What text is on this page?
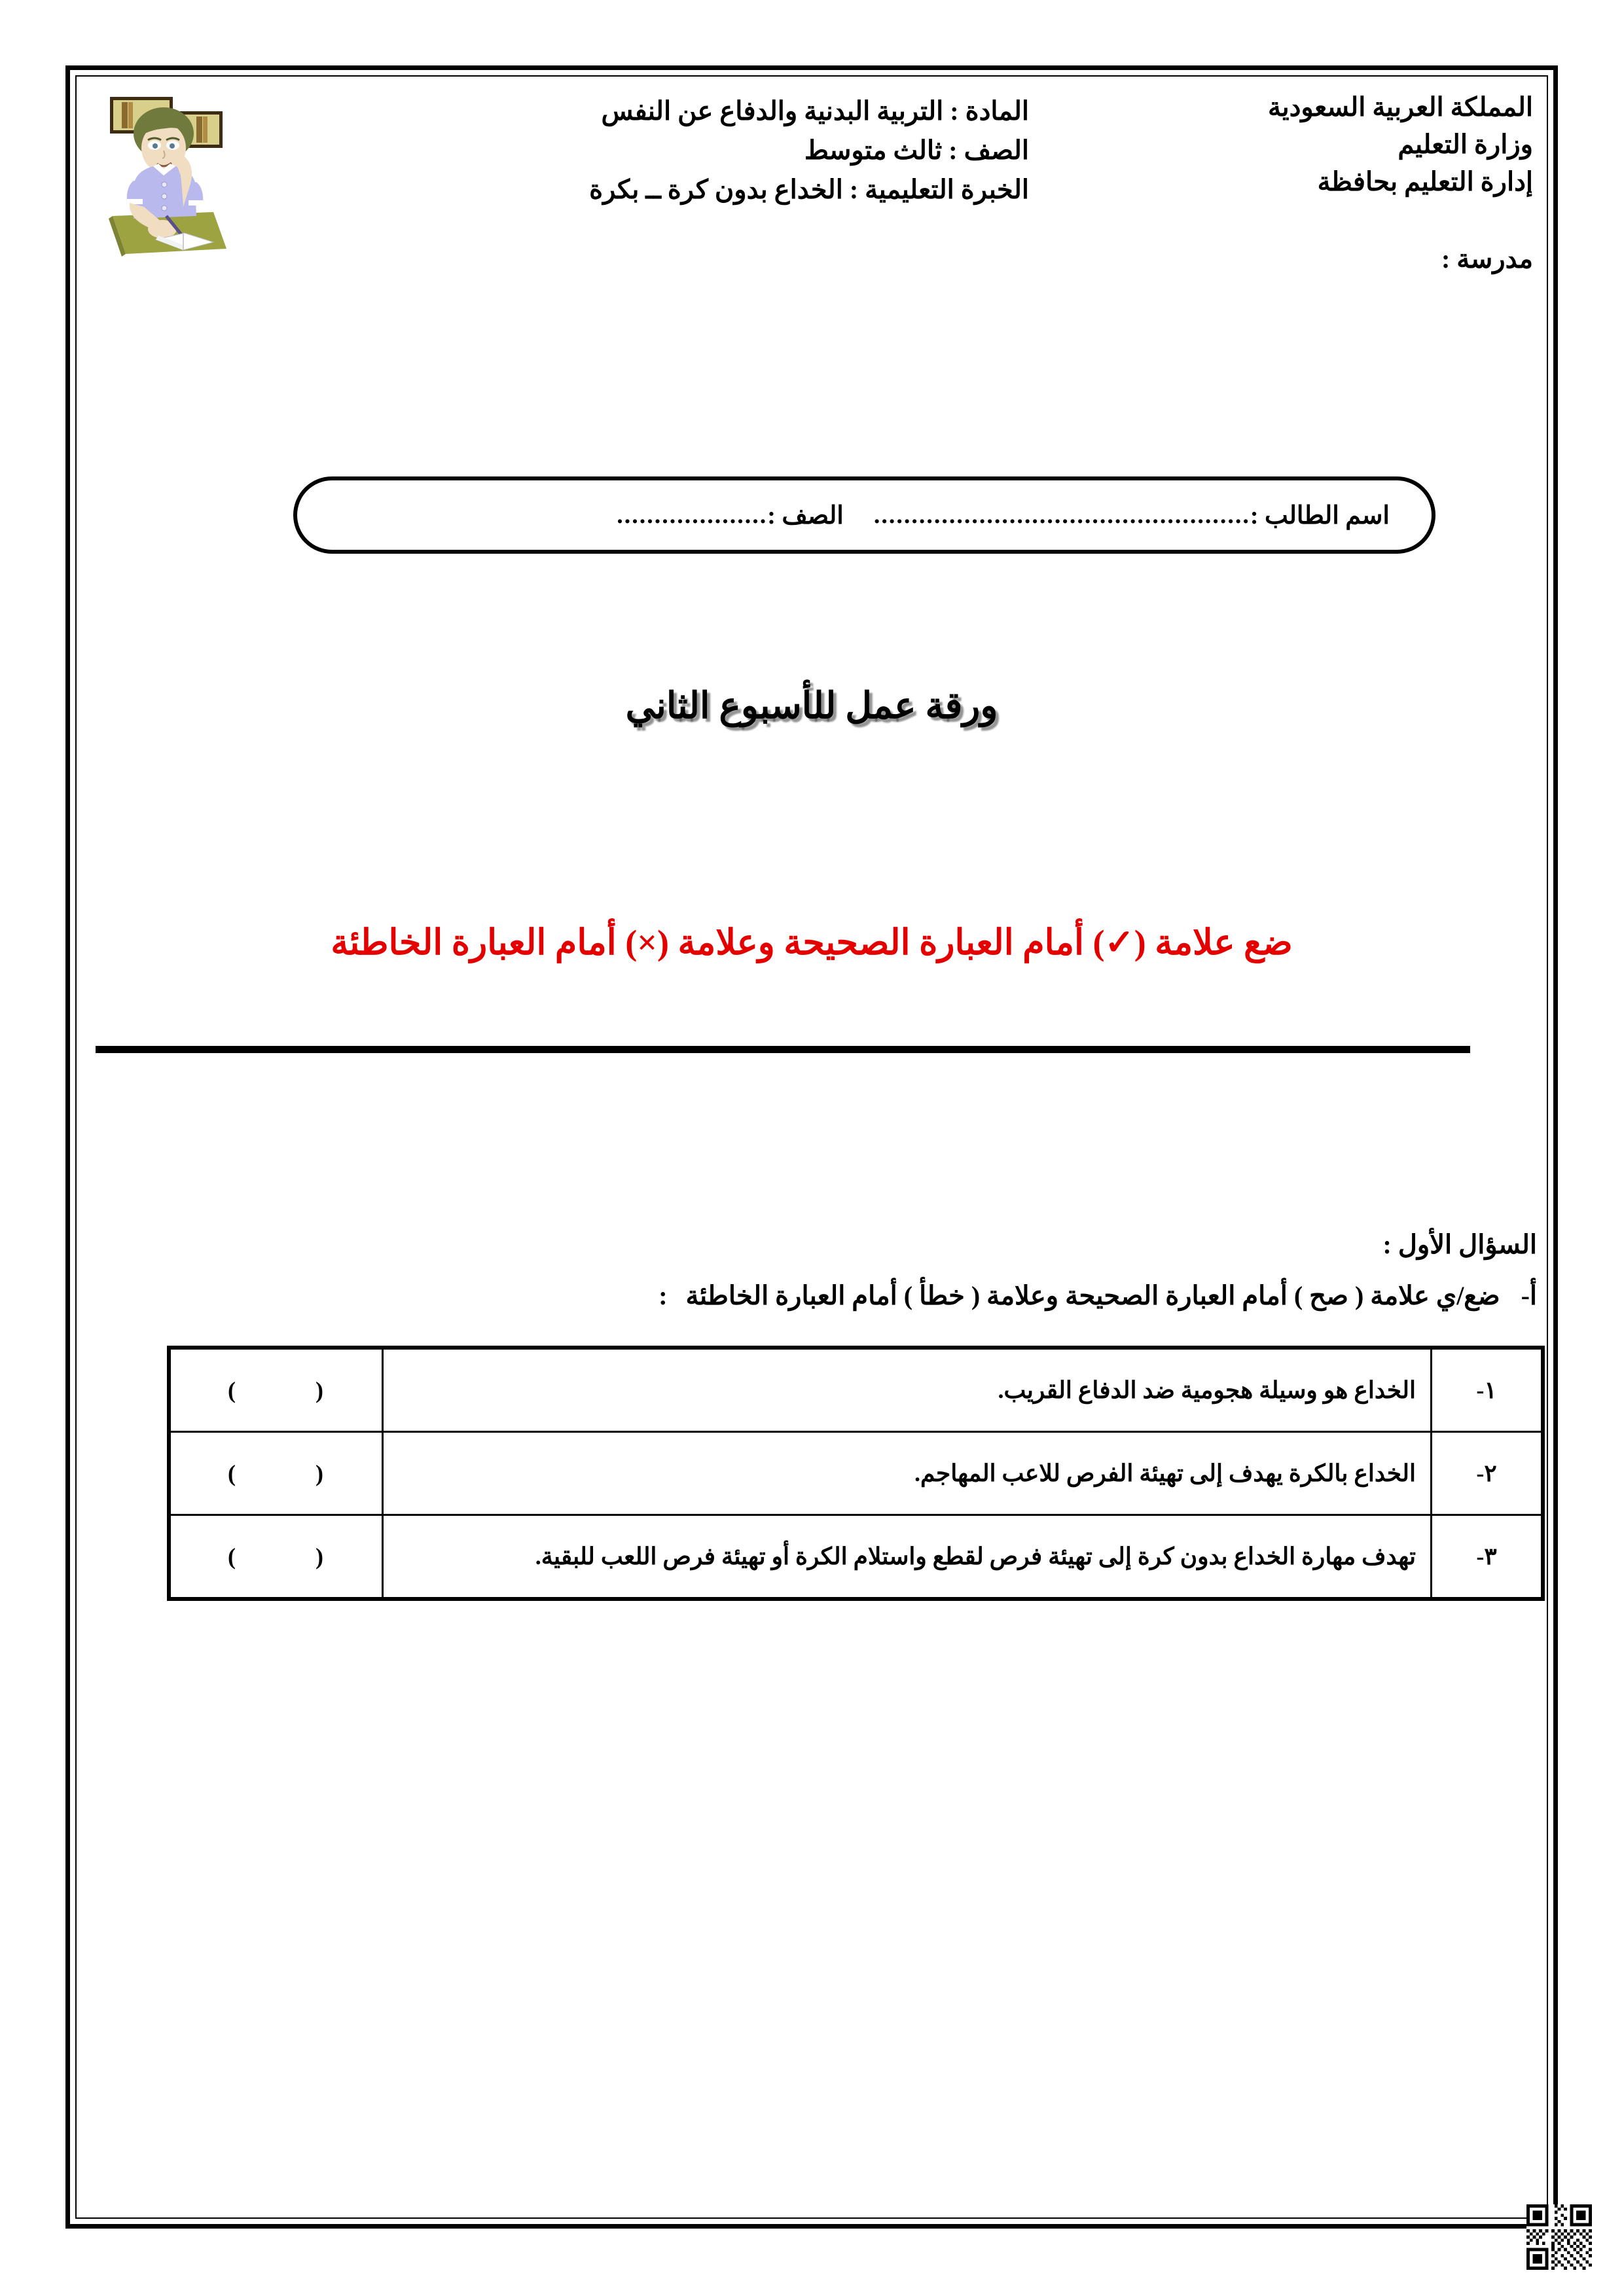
المادة : التربية البدنية والدفاع عن النفس
الصف : ثالث متوسط
الخبرة التعليمية : الخداع بدون كرة ــ بكرة
المملكة العربية السعودية
وزارة التعليم
إدارة التعليم بحافظة
مدرسة :
اسم الطالب :
..................................................
الصف :
....................
ورقة عمل للأسبوع الثاني
ضع علامة (✓) أمام العبارة الصحيحة وعلامة (×) أمام العبارة الخاطئة
السؤال الأول :
أ-
ضع/ي علامة ( صح ) أمام العبارة الصحيحة وعلامة ( خطأ ) أمام العبارة الخاطئة
:
١-	الخداع هو وسيلة هجومية ضد الدفاع القريب.	()
٢-	الخداع بالكرة يهدف إلى تهيئة الفرص للاعب المهاجم.	()
٣-	تهدف مهارة الخداع بدون كرة إلى تهيئة فرص لقطع واستلام الكرة أو تهيئة فرص اللعب للبقية.	()
